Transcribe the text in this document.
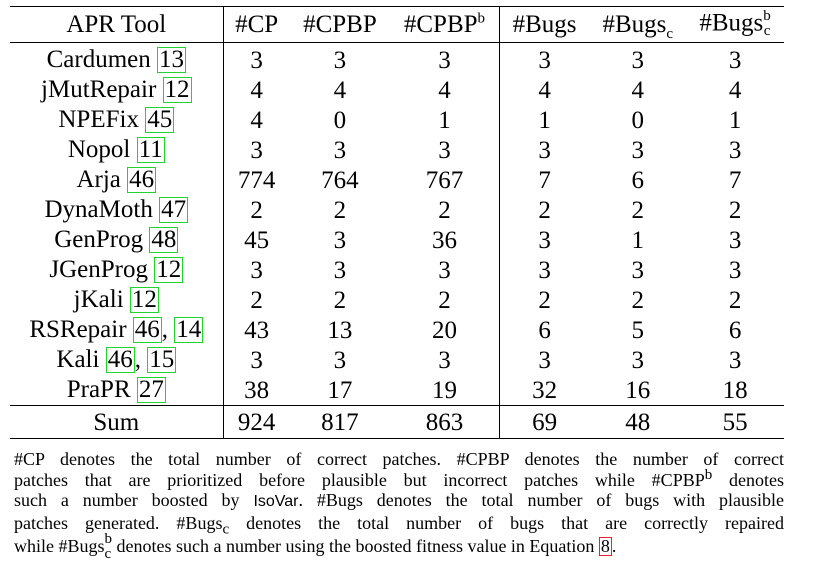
APR Tool	#CP	#CPBP	#CPBP$^b$	#Bugs	#Bugs$_c$	#Bugs b
c

Cardumen 13	3	3	3	3	3	3
jMutRepair 12	4	4	4	4	4	4
NPEFix 45	4	0	1	1	0	1
Nopol 11	3	3	3	3	3	3
Arja 46	774	764	767	7	6	7
DynaMoth 47	2	2	2	2	2	2
GenProg 48	45	3	36	3	1	3
JGenProg 12	3	3	3	3	3	3
jKali 12	2	2	2	2	2	2
RSRepair 46, 14	43	13	20	6	5	6
Kali 46, 15	3	3	3	3	3	3
PraPR 27	38	17	19	32	16	18
Sum	924	817	863	69	48	55
#CP denotes the total number of correct patches. #CPBP denotes the number of correct
patches that are prioritized before plausible but incorrect patches while #CPBP$^b$ denotes
such a number boosted by IsoVar. #Bugs denotes the total number of bugs with plausible
patches generated. #Bugs$_c$ denotes the total number of bugs that are correctly repaired
while #Bugs b
c denotes such a number using the boosted fitness value in Equation 8 .
